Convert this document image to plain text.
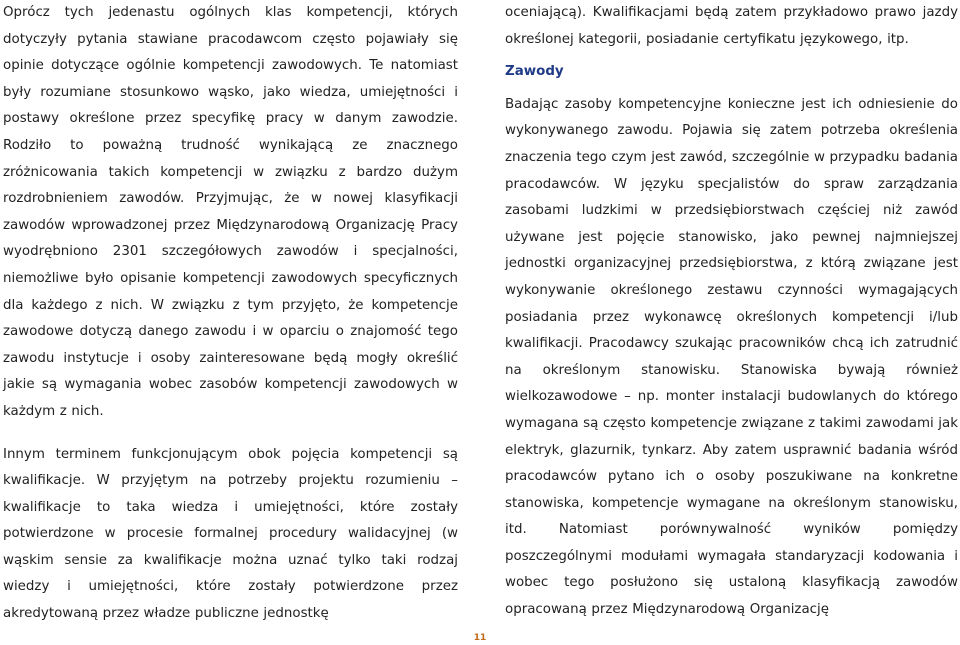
Oprócz tych jedenastu ogólnych klas kompetencji, których dotyczyły pytania stawiane pracodawcom często pojawiały się opinie dotyczące ogólnie kompetencji zawodowych. Te natomiast były rozumiane stosunkowo wąsko, jako wiedza, umiejętności i postawy określone przez specyfikę pracy w danym zawodzie. Rodziło to poważną trudność wynikającą ze znacznego zróżnicowania takich kompetencji w związku z bardzo dużym rozdrobnieniem zawodów. Przyjmując, że w nowej klasyfikacji zawodów wprowadzonej przez Międzynarodową Organizację Pracy wyodrębniono 2301 szczegółowych zawodów i specjalności, niemożliwe było opisanie kompetencji zawodowych specyficznych dla każdego z nich. W związku z tym przyjęto, że kompetencje zawodowe dotyczą danego zawodu i w oparciu o znajomość tego zawodu instytucje i osoby zainteresowane będą mogły określić jakie są wymagania wobec zasobów kompetencji zawodowych w każdym z nich.

Innym terminem funkcjonującym obok pojęcia kompetencji są kwalifikacje. W przyjętym na potrzeby projektu rozumieniu – kwalifikacje to taka wiedza i umiejętności, które zostały potwierdzone w procesie formalnej procedury walidacyjnej (w wąskim sensie za kwalifikacje można uznać tylko taki rodzaj wiedzy i umiejętności, które zostały potwierdzone przez akredytowaną przez władze publiczne jednostkę

oceniającą). Kwalifikacjami będą zatem przykładowo prawo jazdy określonej kategorii, posiadanie certyfikatu językowego, itp.

Zawody

Badając zasoby kompetencyjne konieczne jest ich odniesienie do wykonywanego zawodu. Pojawia się zatem potrzeba określenia znaczenia tego czym jest zawód, szczególnie w przypadku badania pracodawców. W języku specjalistów do spraw zarządzania zasobami ludzkimi w przedsiębiorstwach częściej niż zawód używane jest pojęcie stanowisko, jako pewnej najmniejszej jednostki organizacyjnej przedsiębiorstwa, z którą związane jest wykonywanie określonego zestawu czynności wymagających posiadania przez wykonawcę określonych kompetencji i/lub kwalifikacji. Pracodawcy szukając pracowników chcą ich zatrudnić na określonym stanowisku. Stanowiska bywają również wielkozawodowe – np. monter instalacji budowlanych do którego wymagana są często kompetencje związane z takimi zawodami jak elektryk, glazurnik, tynkarz. Aby zatem usprawnić badania wśród pracodawców pytano ich o osoby poszukiwane na konkretne stanowiska, kompetencje wymagane na określonym stanowisku, itd. Natomiast porównywalność wyników pomiędzy poszczególnymi modułami wymagała standaryzacji kodowania i wobec tego posłużono się ustaloną klasyfikacją zawodów opracowaną przez Międzynarodową Organizację

11
